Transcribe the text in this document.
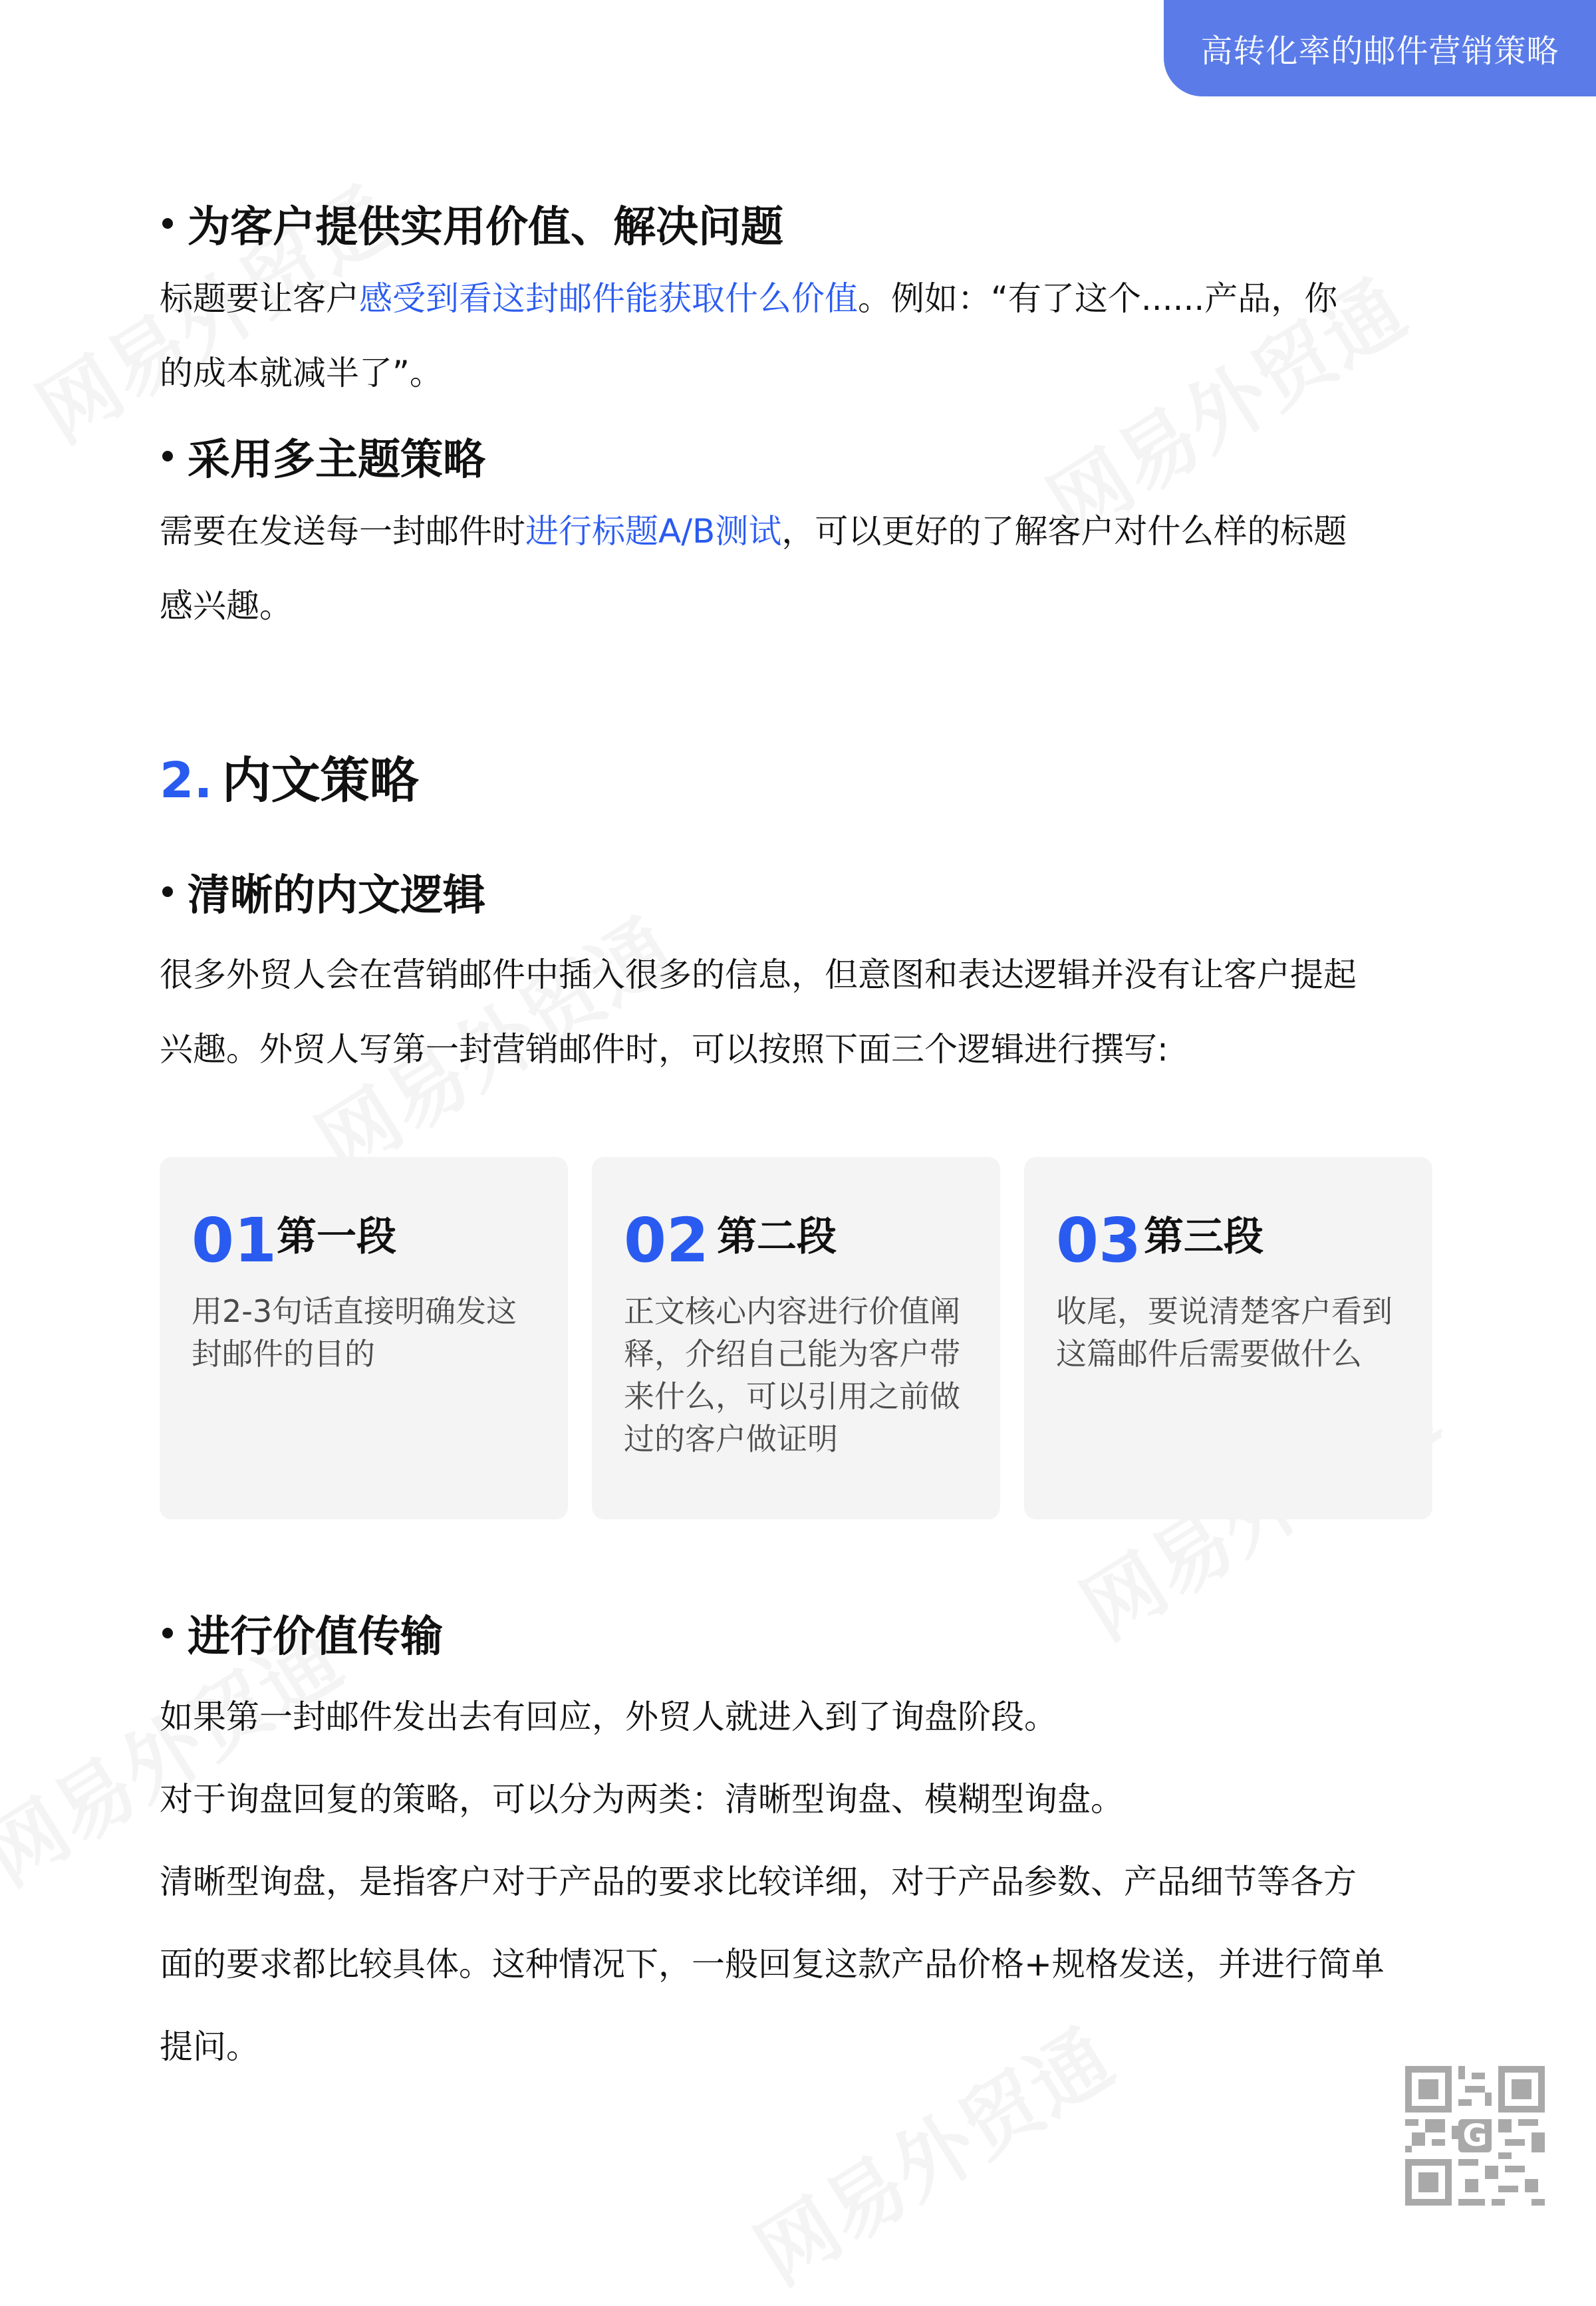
高转化率的邮件营销策略
为客户提供实用价值、解决问题
标题要让客户感受到看这封邮件能获取什么价值。例如：“有了这个......产品，你
的成本就减半了”。
采用多主题策略
需要在发送每一封邮件时进行标题A/B测试，可以更好的了解客户对什么样的标题
感兴趣。
2. 内文策略
清晰的内文逻辑
很多外贸人会在营销邮件中插入很多的信息，但意图和表达逻辑并没有让客户提起
兴趣。外贸人写第一封营销邮件时，可以按照下面三个逻辑进行撰写:
01 第一段
用2-3句话直接明确发这封邮件的目的
02 第二段
正文核心内容进行价值阐释，介绍自己能为客户带来什么，可以引用之前做过的客户做证明
03 第三段
收尾，要说清楚客户看到这篇邮件后需要做什么
进行价值传输
如果第一封邮件发出去有回应，外贸人就进入到了询盘阶段。
对于询盘回复的策略，可以分为两类：清晰型询盘、模糊型询盘。
清晰型询盘，是指客户对于产品的要求比较详细，对于产品参数、产品细节等各方
面的要求都比较具体。这种情况下，一般回复这款产品价格+规格发送，并进行简单
提问。
G
